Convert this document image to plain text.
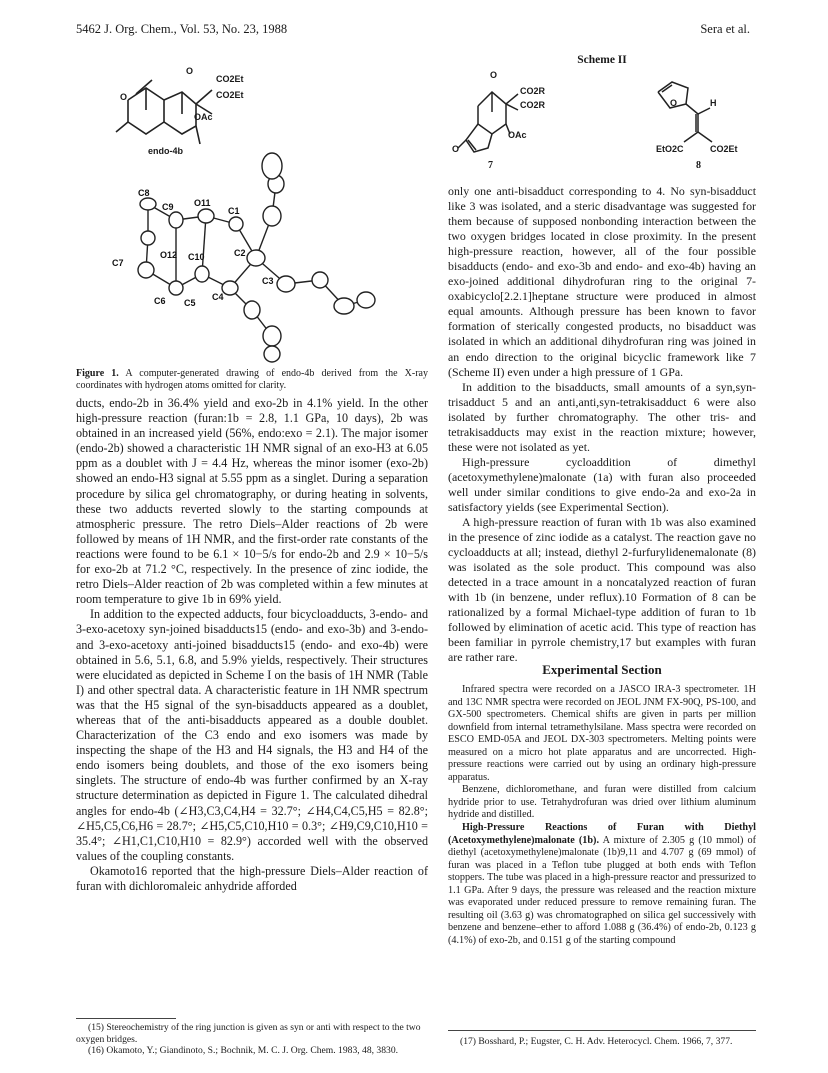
5462 J. Org. Chem., Vol. 53, No. 23, 1988	Sera et al.
C8
C9 O11
C1
C7
O12 C10	C2
C6 C5
C4
C3
endo-4b
O
O
CO2Et
CO2Et
OAc
Figure 1. A computer-generated drawing of endo-4b derived from the X-ray coordinates with hydrogen atoms omitted for clarity.

ducts, endo-2b in 36.4% yield and exo-2b in 4.1% yield. In the other high-pressure reaction (furan:1b = 2.8, 1.1 GPa, 10 days), 2b was obtained in an increased yield (56%, endo:exo = 2.1). The major isomer (endo-2b) showed a characteristic 1H NMR signal of an exo-H3 at 6.05 ppm as a doublet with J = 4.4 Hz, whereas the minor isomer (exo-2b) showed an endo-H3 signal at 5.55 ppm as a singlet. During a separation procedure by silica gel chromatography, or during heating in solvents, these two adducts reverted slowly to the starting compounds at atmospheric pressure. The retro Diels–Alder reactions of 2b were followed by means of 1H NMR, and the first-order rate constants of the reactions were found to be 6.1 × 10−5/s for endo-2b and 2.9 × 10−5/s for exo-2b at 71.2 °C, respectively. In the presence of zinc iodide, the retro Diels–Alder reaction of 2b was completed within a few minutes at room temperature to give 1b in 69% yield.

In addition to the expected adducts, four bicycloadducts, 3-endo- and 3-exo-acetoxy syn-joined bisadducts15 (endo- and exo-3b) and 3-endo- and 3-exo-acetoxy anti-joined bisadducts15 (endo- and exo-4b) were obtained in 5.6, 5.1, 6.8, and 5.9% yields, respectively. Their structures were elucidated as depicted in Scheme I on the basis of 1H NMR (Table I) and other spectral data. A characteristic feature in 1H NMR spectrum was that the H5 signal of the syn-bisadducts appeared as a doublet, whereas that of the anti-bisadducts appeared as a double doublet. Characterization of the C3 endo and exo isomers was made by inspecting the shape of the H3 and H4 signals, the H3 and H4 of the endo isomers being doublets, and those of the exo isomers being singlets. The structure of endo-4b was further confirmed by an X-ray structure determination as depicted in Figure 1. The calculated dihedral angles for endo-4b (∠H3,C3,C4,H4 = 32.7°; ∠H4,C4,C5,H5 = 82.8°; ∠H5,C5,C6,H6 = 28.7°; ∠H5,C5,C10,H10 = 0.3°; ∠H9,C9,C10,H10 = 35.4°; ∠H1,C1,C10,H10 = 82.9°) accorded well with the observed values of the coupling constants.

Okamoto16 reported that the high-pressure Diels–Alder reaction of furan with dichloromaleic anhydride afforded

(15) Stereochemistry of the ring junction is given as syn or anti with respect to the two oxygen bridges.

(16) Okamoto, Y.; Giandinoto, S.; Bochnik, M. C. J. Org. Chem. 1983, 48, 3830.

Scheme II
O
CO2R
CO2R
OAc
O
7
O	H
EtO2C	CO2Et
8

only one anti-bisadduct corresponding to 4. No syn-bisadduct like 3 was isolated, and a steric disadvantage was suggested for them because of supposed nonbonding interaction between the two oxygen bridges located in close proximity. In the present high-pressure reaction, however, all of the four possible bisadducts (endo- and exo-3b and endo- and exo-4b) having an exo-joined additional dihydrofuran ring to the original 7-oxabicyclo[2.2.1]heptane structure were produced in almost equal amounts. Although pressure has been known to favor formation of sterically congested products, no bisadduct was isolated in which an additional dihydrofuran ring was joined in an endo direction to the original bicyclic framework like 7 (Scheme II) even under a high pressure of 1 GPa.

In addition to the bisadducts, small amounts of a syn,syn-trisadduct 5 and an anti,anti,syn-tetrakisadduct 6 were also isolated by further chromatography. The other tris- and tetrakisadducts may exist in the reaction mixture; however, these were not isolated as yet.

High-pressure cycloaddition of dimethyl (acetoxymethylene)malonate (1a) with furan also proceeded well under similar conditions to give endo-2a and exo-2a in satisfactory yields (see Experimental Section).

A high-pressure reaction of furan with 1b was also examined in the presence of zinc iodide as a catalyst. The reaction gave no cycloadducts at all; instead, diethyl 2-furfurylidenemalonate (8) was isolated as the sole product. This compound was also detected in a trace amount in a noncatalyzed reaction of furan with 1b (in benzene, under reflux).10 Formation of 8 can be rationalized by a formal Michael-type addition of furan to 1b followed by elimination of acetic acid. This type of reaction has been familiar in pyrrole chemistry,17 but examples with furan are rather rare.

Experimental Section

Infrared spectra were recorded on a JASCO IRA-3 spectrometer. 1H and 13C NMR spectra were recorded on JEOL JNM FX-90Q, PS-100, and GX-500 spectrometers. Chemical shifts are given in parts per million downfield from internal tetramethylsilane. Mass spectra were recorded on ESCO EMD-05A and JEOL DX-303 spectrometers. Melting points were measured on a micro hot plate apparatus and are uncorrected. High-pressure reactions were carried out by using an ordinary high-pressure apparatus.

Benzene, dichloromethane, and furan were distilled from calcium hydride prior to use. Tetrahydrofuran was dried over lithium aluminum hydride and distilled.

High-Pressure Reactions of Furan with Diethyl (Acetoxymethylene)malonate (1b). A mixture of 2.305 g (10 mmol) of diethyl (acetoxymethylene)malonate (1b)9,11 and 4.707 g (69 mmol) of furan was placed in a Teflon tube plugged at both ends with Teflon stoppers. The tube was placed in a high-pressure reactor and pressurized to 1.1 GPa. After 9 days, the pressure was released and the reaction mixture was evaporated under reduced pressure to remove remaining furan. The resulting oil (3.63 g) was chromatographed on silica gel successively with benzene and benzene–ether to afford 1.088 g (36.4%) of endo-2b, 0.123 g (4.1%) of exo-2b, and 0.151 g of the starting compound

(17) Bosshard, P.; Eugster, C. H. Adv. Heterocycl. Chem. 1966, 7, 377.
